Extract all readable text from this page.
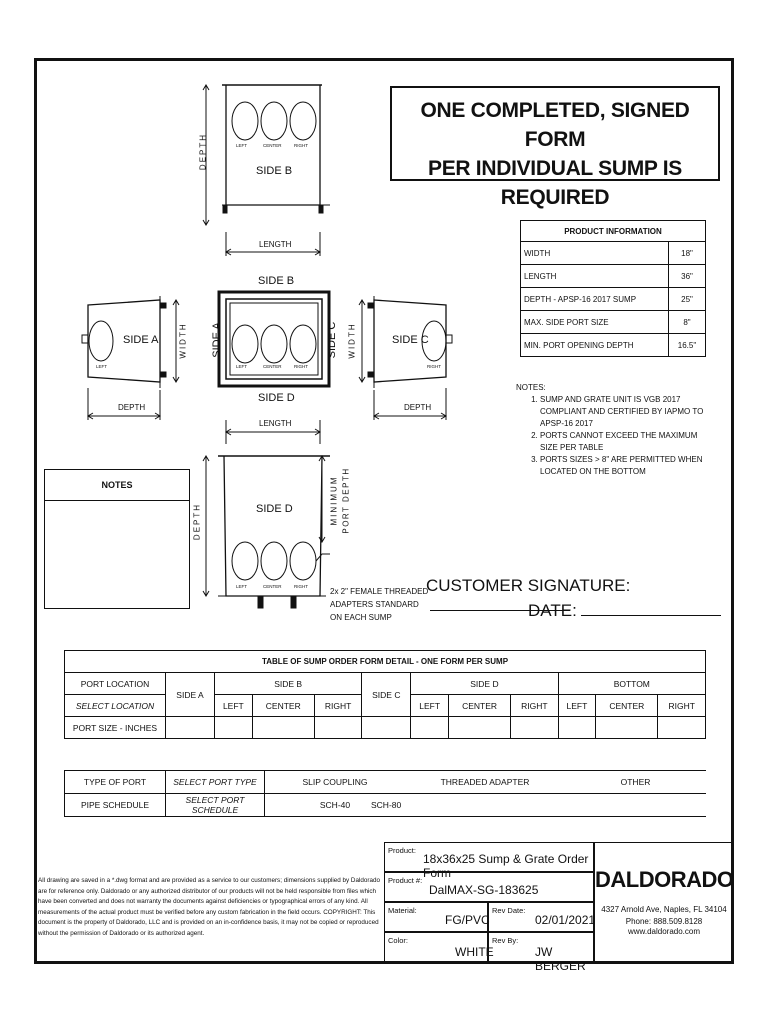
ONE COMPLETED, SIGNED FORM
PER INDIVIDUAL SUMP IS REQUIRED
DEPTH	LEFT	CENTER	RIGHT
SIDE B
LENGTH
SIDE B
SIDE A	SIDE C
LEFT	CENTER	RIGHT
SIDE D
SIDE A
LEFT
WIDTH
DEPTH
SIDE C
RIGHT
WIDTH
DEPTH
LENGTH
SIDE D
DEPTH	MINIMUM PORT DEPTH
LEFT	CENTER	RIGHT
2x 2" FEMALE THREADED
ADAPTERS STANDARD
ON EACH SUMP
PRODUCT INFORMATION	
WIDTH	18"
LENGTH	36"
DEPTH - APSP-16 2017 SUMP	25"
MAX. SIDE PORT SIZE	8"
MIN. PORT OPENING DEPTH	16.5"
NOTES:
1. SUMP AND GRATE UNIT IS VGB 2017 COMPLIANT AND CERTIFIED BY IAPMO TO APSP-16 2017
2. PORTS CANNOT EXCEED THE MAXIMUM SIZE PER TABLE
3. PORTS SIZES > 8" ARE PERMITTED WHEN LOCATED ON THE BOTTOM
NOTES
CUSTOMER SIGNATURE:
DATE:
TABLE OF SUMP ORDER FORM DETAIL - ONE FORM PER SUMP											
PORT LOCATION	SIDE A	SIDE B			SIDE C	SIDE D			BOTTOM		
SELECT LOCATION		LEFT	CENTER	RIGHT		LEFT	CENTER	RIGHT	LEFT	CENTER	RIGHT
PORT SIZE - INCHES											
TYPE OF PORT	SELECT PORT TYPE	SLIP COUPLING	THREADED ADAPTER	OTHER
PIPE SCHEDULE	SELECT PORT SCHEDULE	SCH-40	SCH-80	
All drawing are saved in a *.dwg format and are provided as a service to our customers; dimensions supplied by Daldorado are for reference only. Daldorado or any authorized distributor of our products will not be held responsible from files which have been converted and does not warranty the documents against deficiencies or typographical errors of any kind. All measurements of the actual product must be verified before any custom fabrication in the field occurs. COPYRIGHT: This document is the property of Daldorado, LLC and is provided on an in-confidence basis, it may not be copied or reproduced without the permission of Daldorado or its authorized agent.
Product:
18x36x25 Sump & Grate Order Form
Product #:
DalMAX-SG-183625
Material:
FG/PVC
Rev Date:
02/01/2021
Color:
WHITE
Rev By:
JW BERGER
DALDORADO
4327 Arnold Ave, Naples, FL 34104
Phone: 888.509.8128
www.daldorado.com
